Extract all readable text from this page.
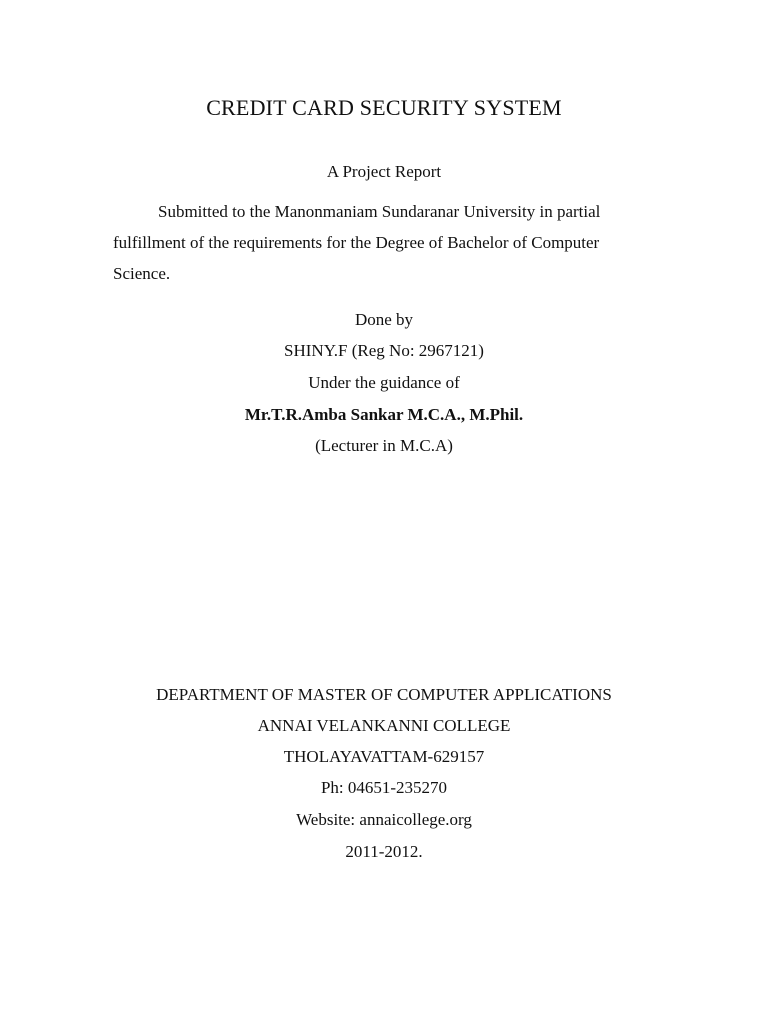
CREDIT CARD SECURITY SYSTEM
A Project Report
Submitted to the Manonmaniam Sundaranar University in partial
fulfillment of the requirements for the Degree of Bachelor of Computer
Science.
Done by
SHINY.F (Reg No: 2967121)
Under the guidance of
Mr.T.R.Amba Sankar M.C.A., M.Phil.
(Lecturer in M.C.A)
DEPARTMENT OF MASTER OF COMPUTER APPLICATIONS
ANNAI VELANKANNI COLLEGE
THOLAYAVATTAM-629157
Ph: 04651-235270
Website: annaicollege.org
2011-2012.
